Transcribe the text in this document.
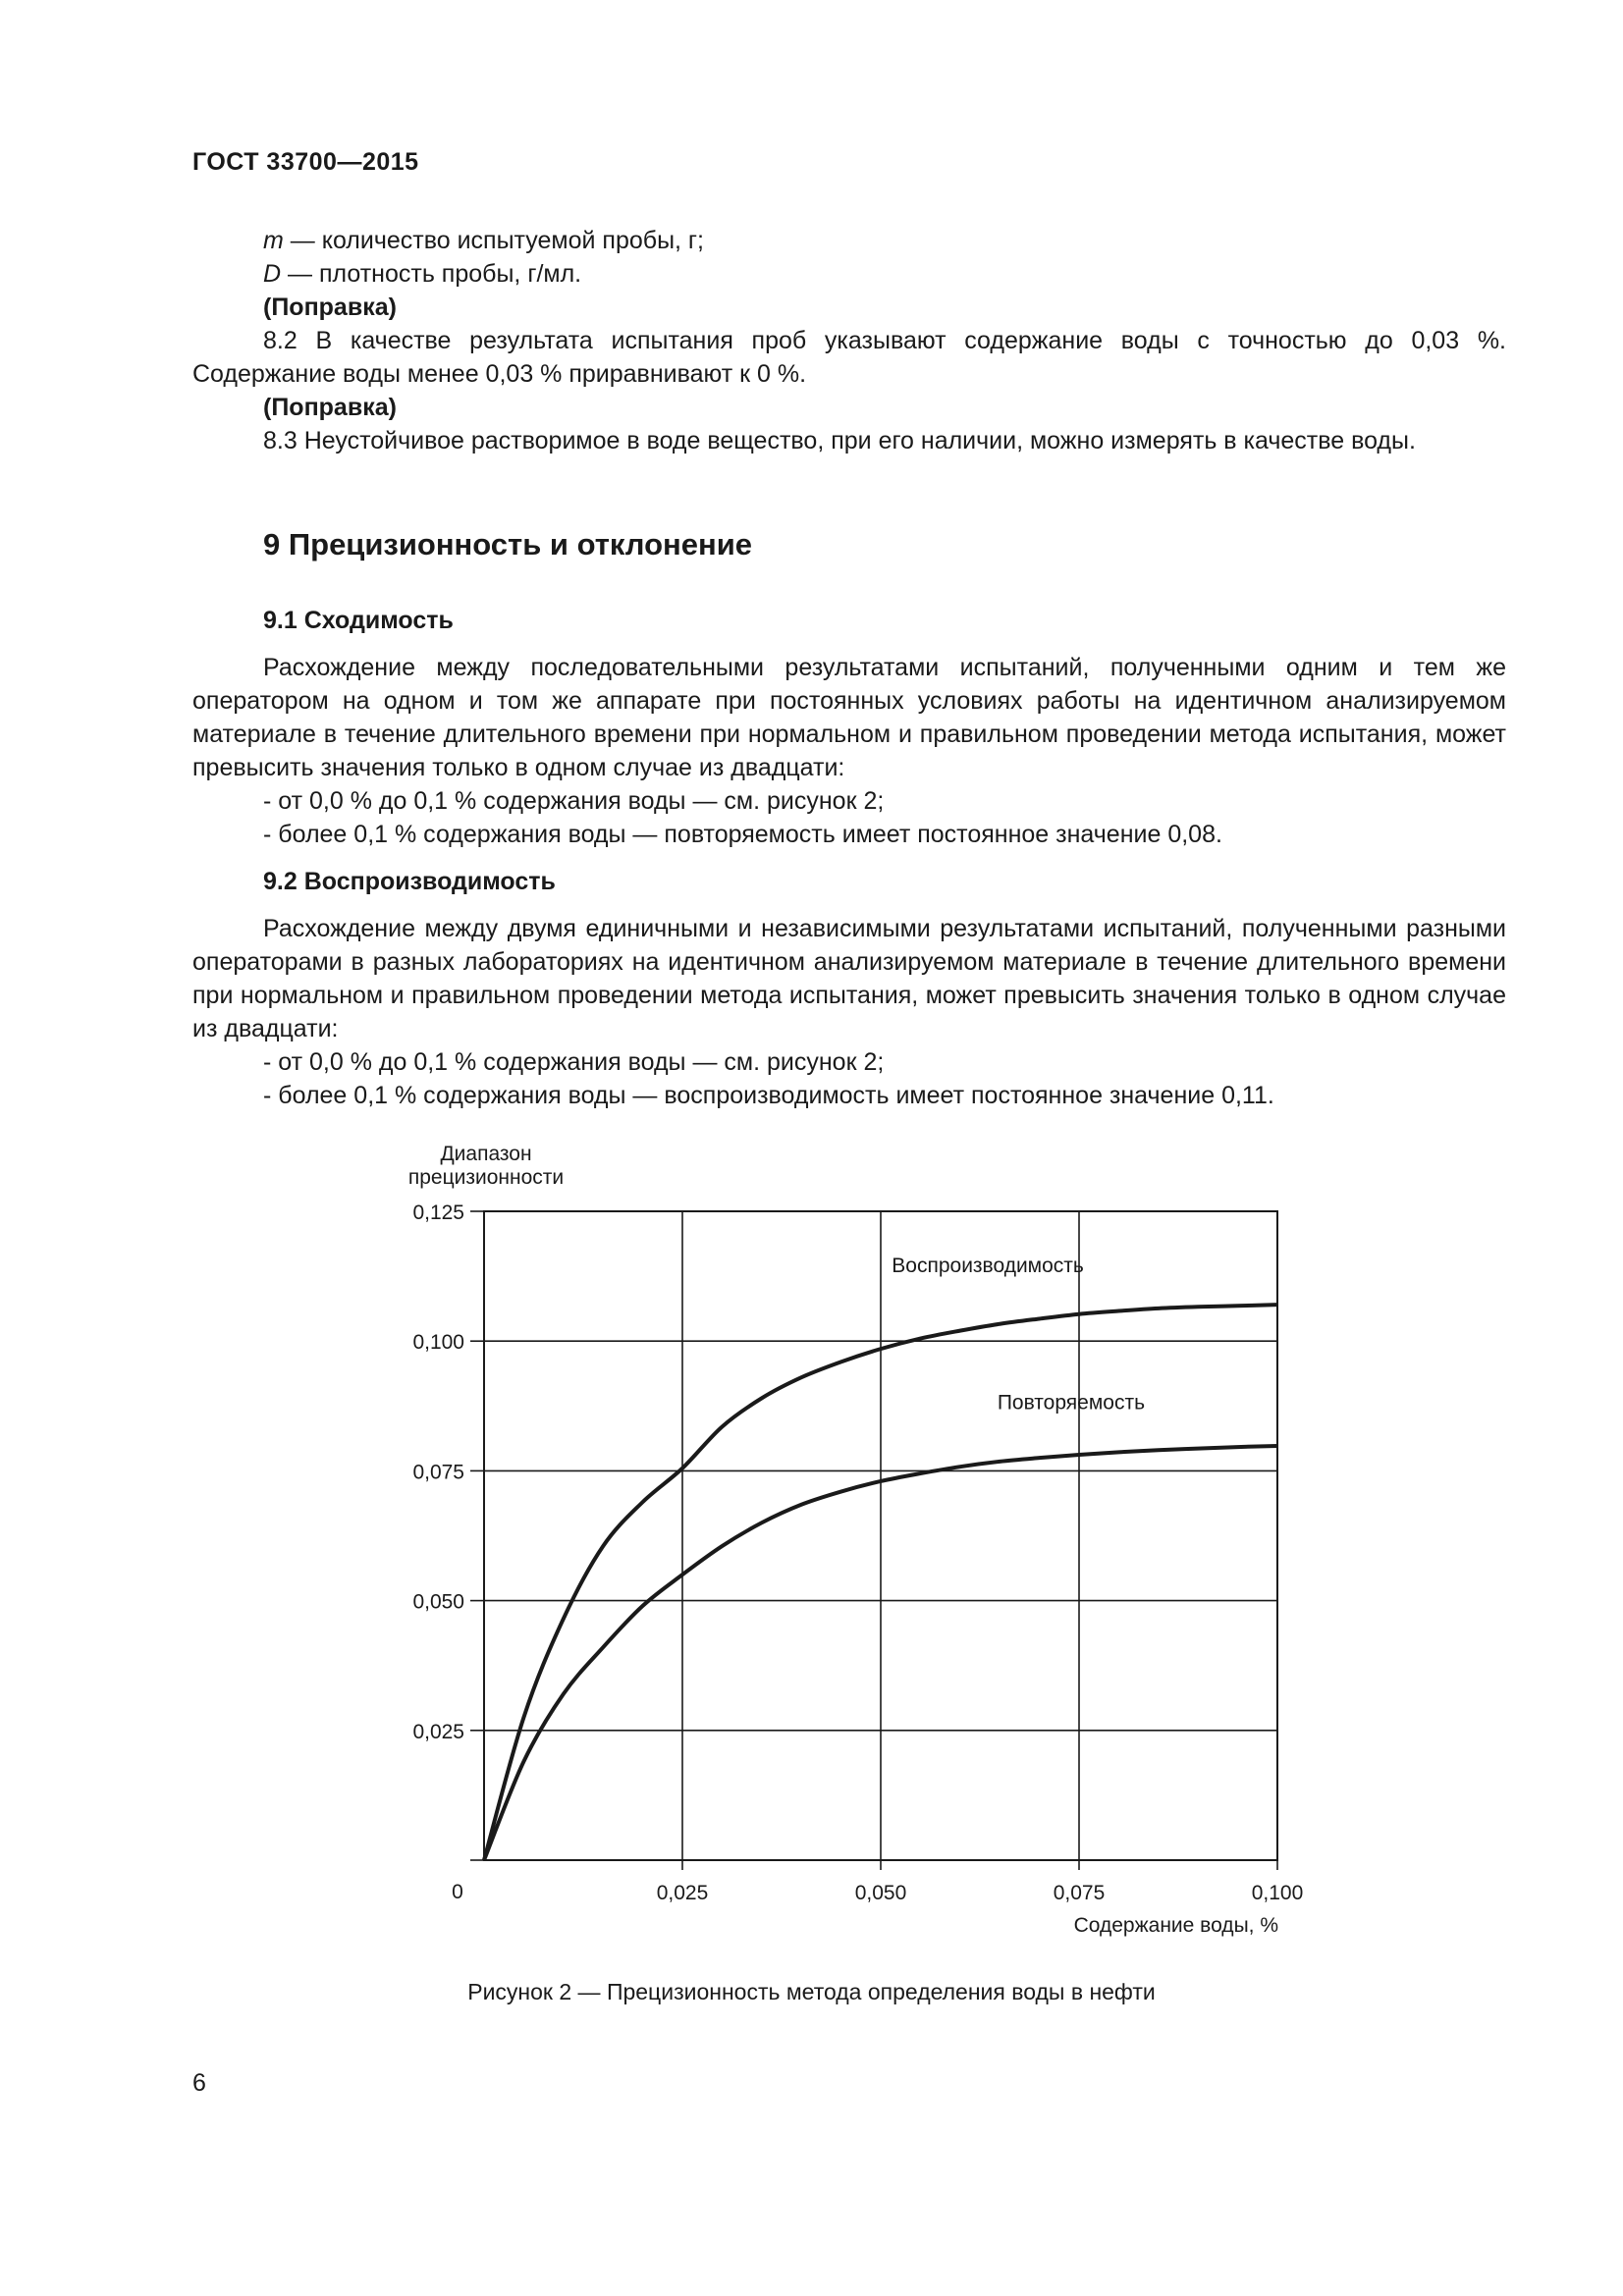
ГОСТ 33700—2015

m — количество испытуемой пробы, г;

D — плотность пробы, г/мл.

(Поправка)

8.2 В качестве результата испытания проб указывают содержание воды с точностью до 0,03 %.

Содержание воды менее 0,03 % приравнивают к 0 %.

(Поправка)

8.3 Неустойчивое растворимое в воде вещество, при его наличии, можно измерять в качестве воды.

9 Прецизионность и отклонение

9.1 Сходимость

Расхождение между последовательными результатами испытаний, полученными одним и тем же оператором на одном и том же аппарате при постоянных условиях работы на идентичном анализируемом материале в течение длительного времени при нормальном и правильном проведении метода испытания, может превысить значения только в одном случае из двадцати:

- от 0,0 % до 0,1 % содержания воды — см. рисунок 2;

- более 0,1 % содержания воды — повторяемость имеет постоянное значение 0,08.

9.2 Воспроизводимость

Расхождение между двумя единичными и независимыми результатами испытаний, полученными разными операторами в разных лабораториях на идентичном анализируемом материале в течение длительного времени при нормальном и правильном проведении метода испытания, может превысить значения только в одном случае из двадцати:

- от 0,0 % до 0,1 % содержания воды — см. рисунок 2;

- более 0,1 % содержания воды — воспроизводимость имеет постоянное значение 0,11.

0,025	0,050	0,075	0,100
0,025
0,050
0,075
0,100
0,125
Воспроизводимость
Повторяемость
Диапазон
прецизионности
Содержание воды, %
0
Рисунок 2 — Прецизионность метода определения воды в нефти
6
